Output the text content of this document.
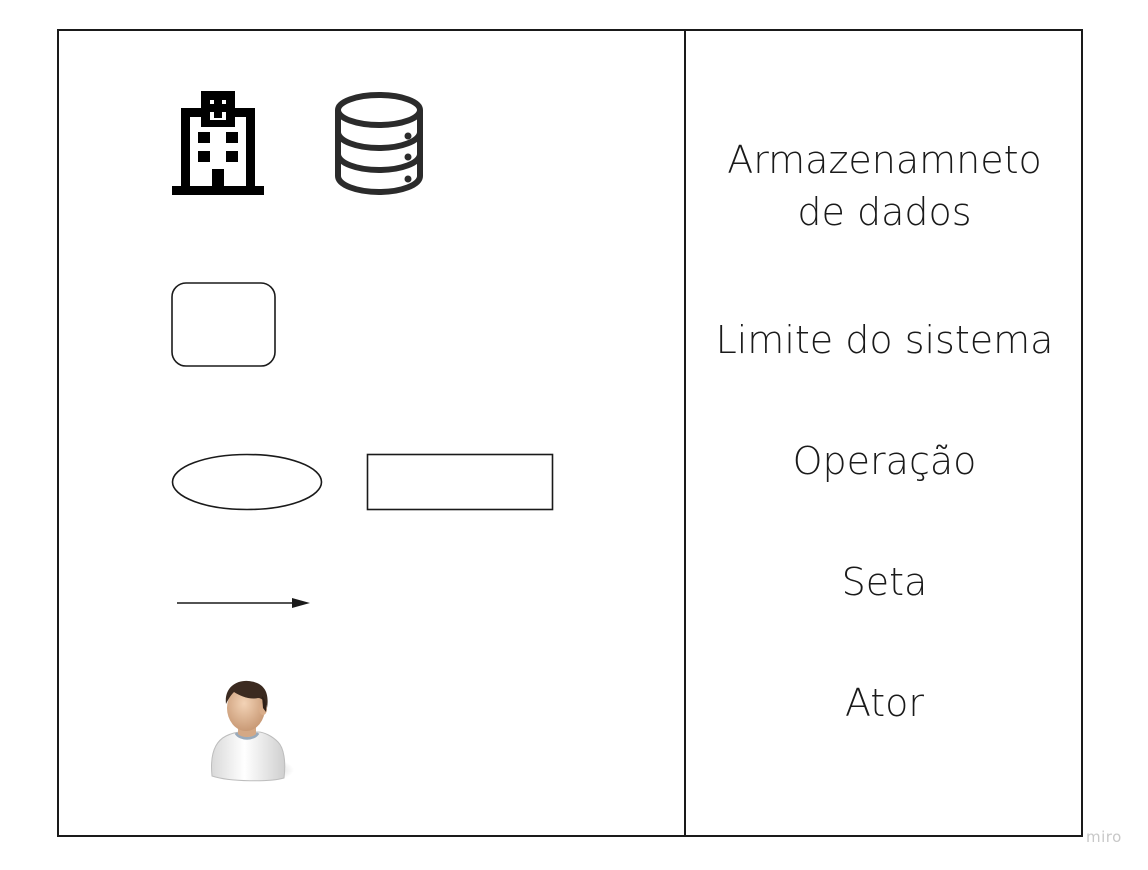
Armazenamneto
de dados
Limite do sistema
Operação
Seta
Ator
miro
